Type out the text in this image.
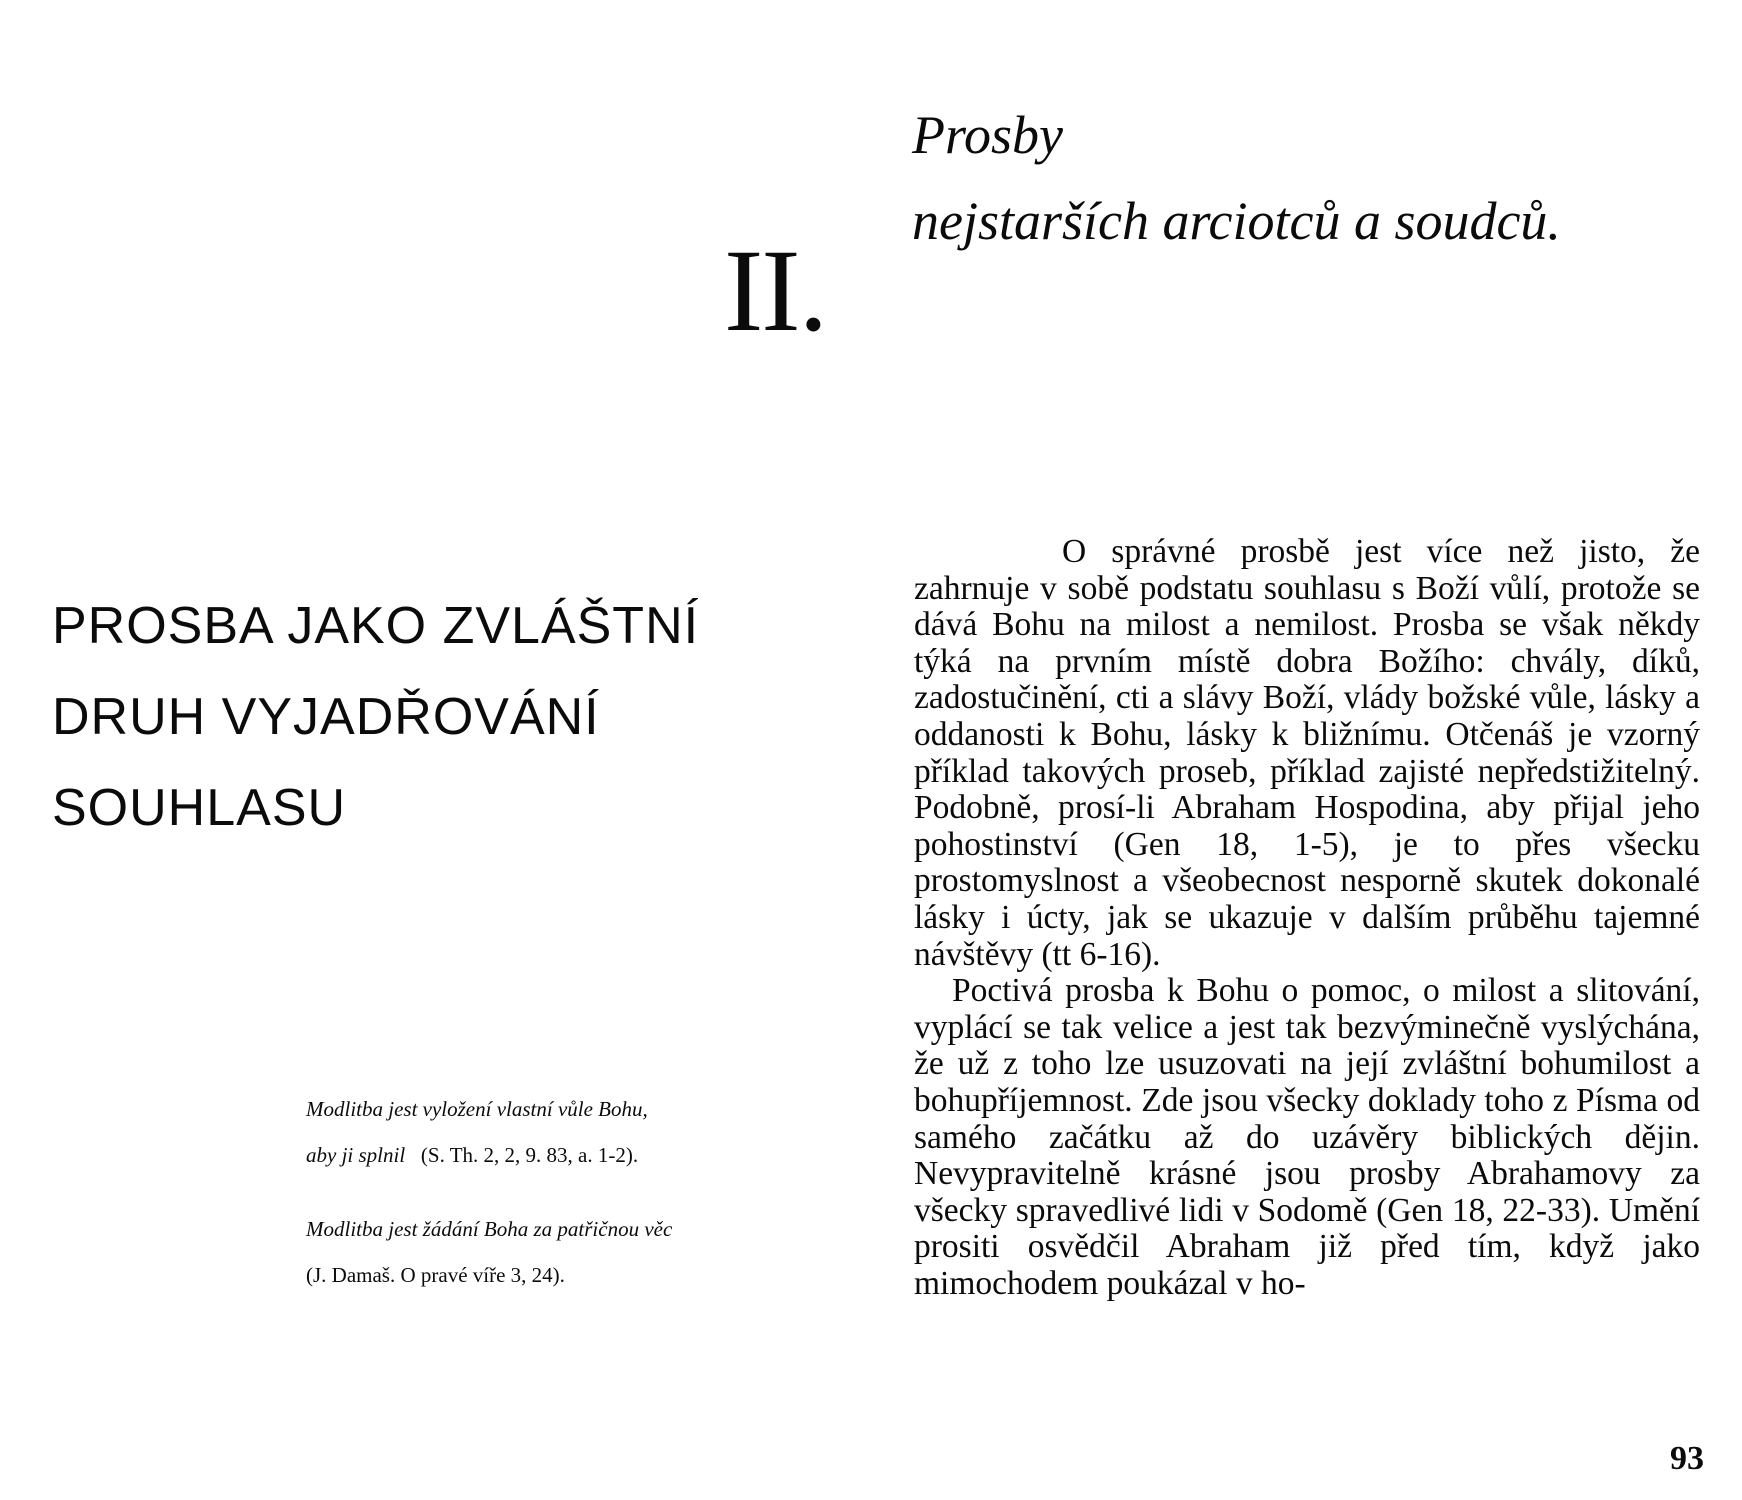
II.
Prosby
nejstarších arciotců a soudců.
PROSBA JAKO ZVLÁŠTNÍ
DRUH VYJADŘOVÁNÍ
SOUHLASU
Modlitba jest vyložení vlastní vůle Bohu,
aby ji splnil (S. Th. 2, 2, 9. 83, a. 1-2).
Modlitba jest žádání Boha za patřičnou věc
(J. Damaš. O pravé víře 3, 24).

O správné prosbě jest více než jisto, že zahrnuje v sobě podstatu souhlasu s Boží vůlí, protože se dává Bohu na milost a nemilost. Prosba se však někdy týká na prvním místě dobra Božího: chvály, díků, zadostučinění, cti a slávy Boží, vlády božské vůle, lásky a oddanosti k Bohu, lásky k bližnímu. Otčenáš je vzorný příklad takových proseb, příklad zajisté nepředstižitelný. Podobně, prosí-li Abraham Hospodina, aby přijal jeho pohostinství (Gen 18, 1-5), je to přes všecku prostomyslnost a všeobecnost nesporně skutek dokonalé lásky i úcty, jak se ukazuje v dalším průběhu tajemné návštěvy (tt 6-16).

Poctivá prosba k Bohu o pomoc, o milost a slitování, vyplácí se tak velice a jest tak bezvýminečně vyslýchána, že už z toho lze usuzovati na její zvláštní bohumilost a bohupříjemnost. Zde jsou všecky doklady toho z Písma od samého začátku až do uzávěry biblických dějin. Nevypravitelně krásné jsou prosby Abrahamovy za všecky spravedlivé lidi v Sodomě (Gen 18, 22-33). Umění prositi osvědčil Abraham již před tím, když jako mimochodem poukázal v ho-

93
